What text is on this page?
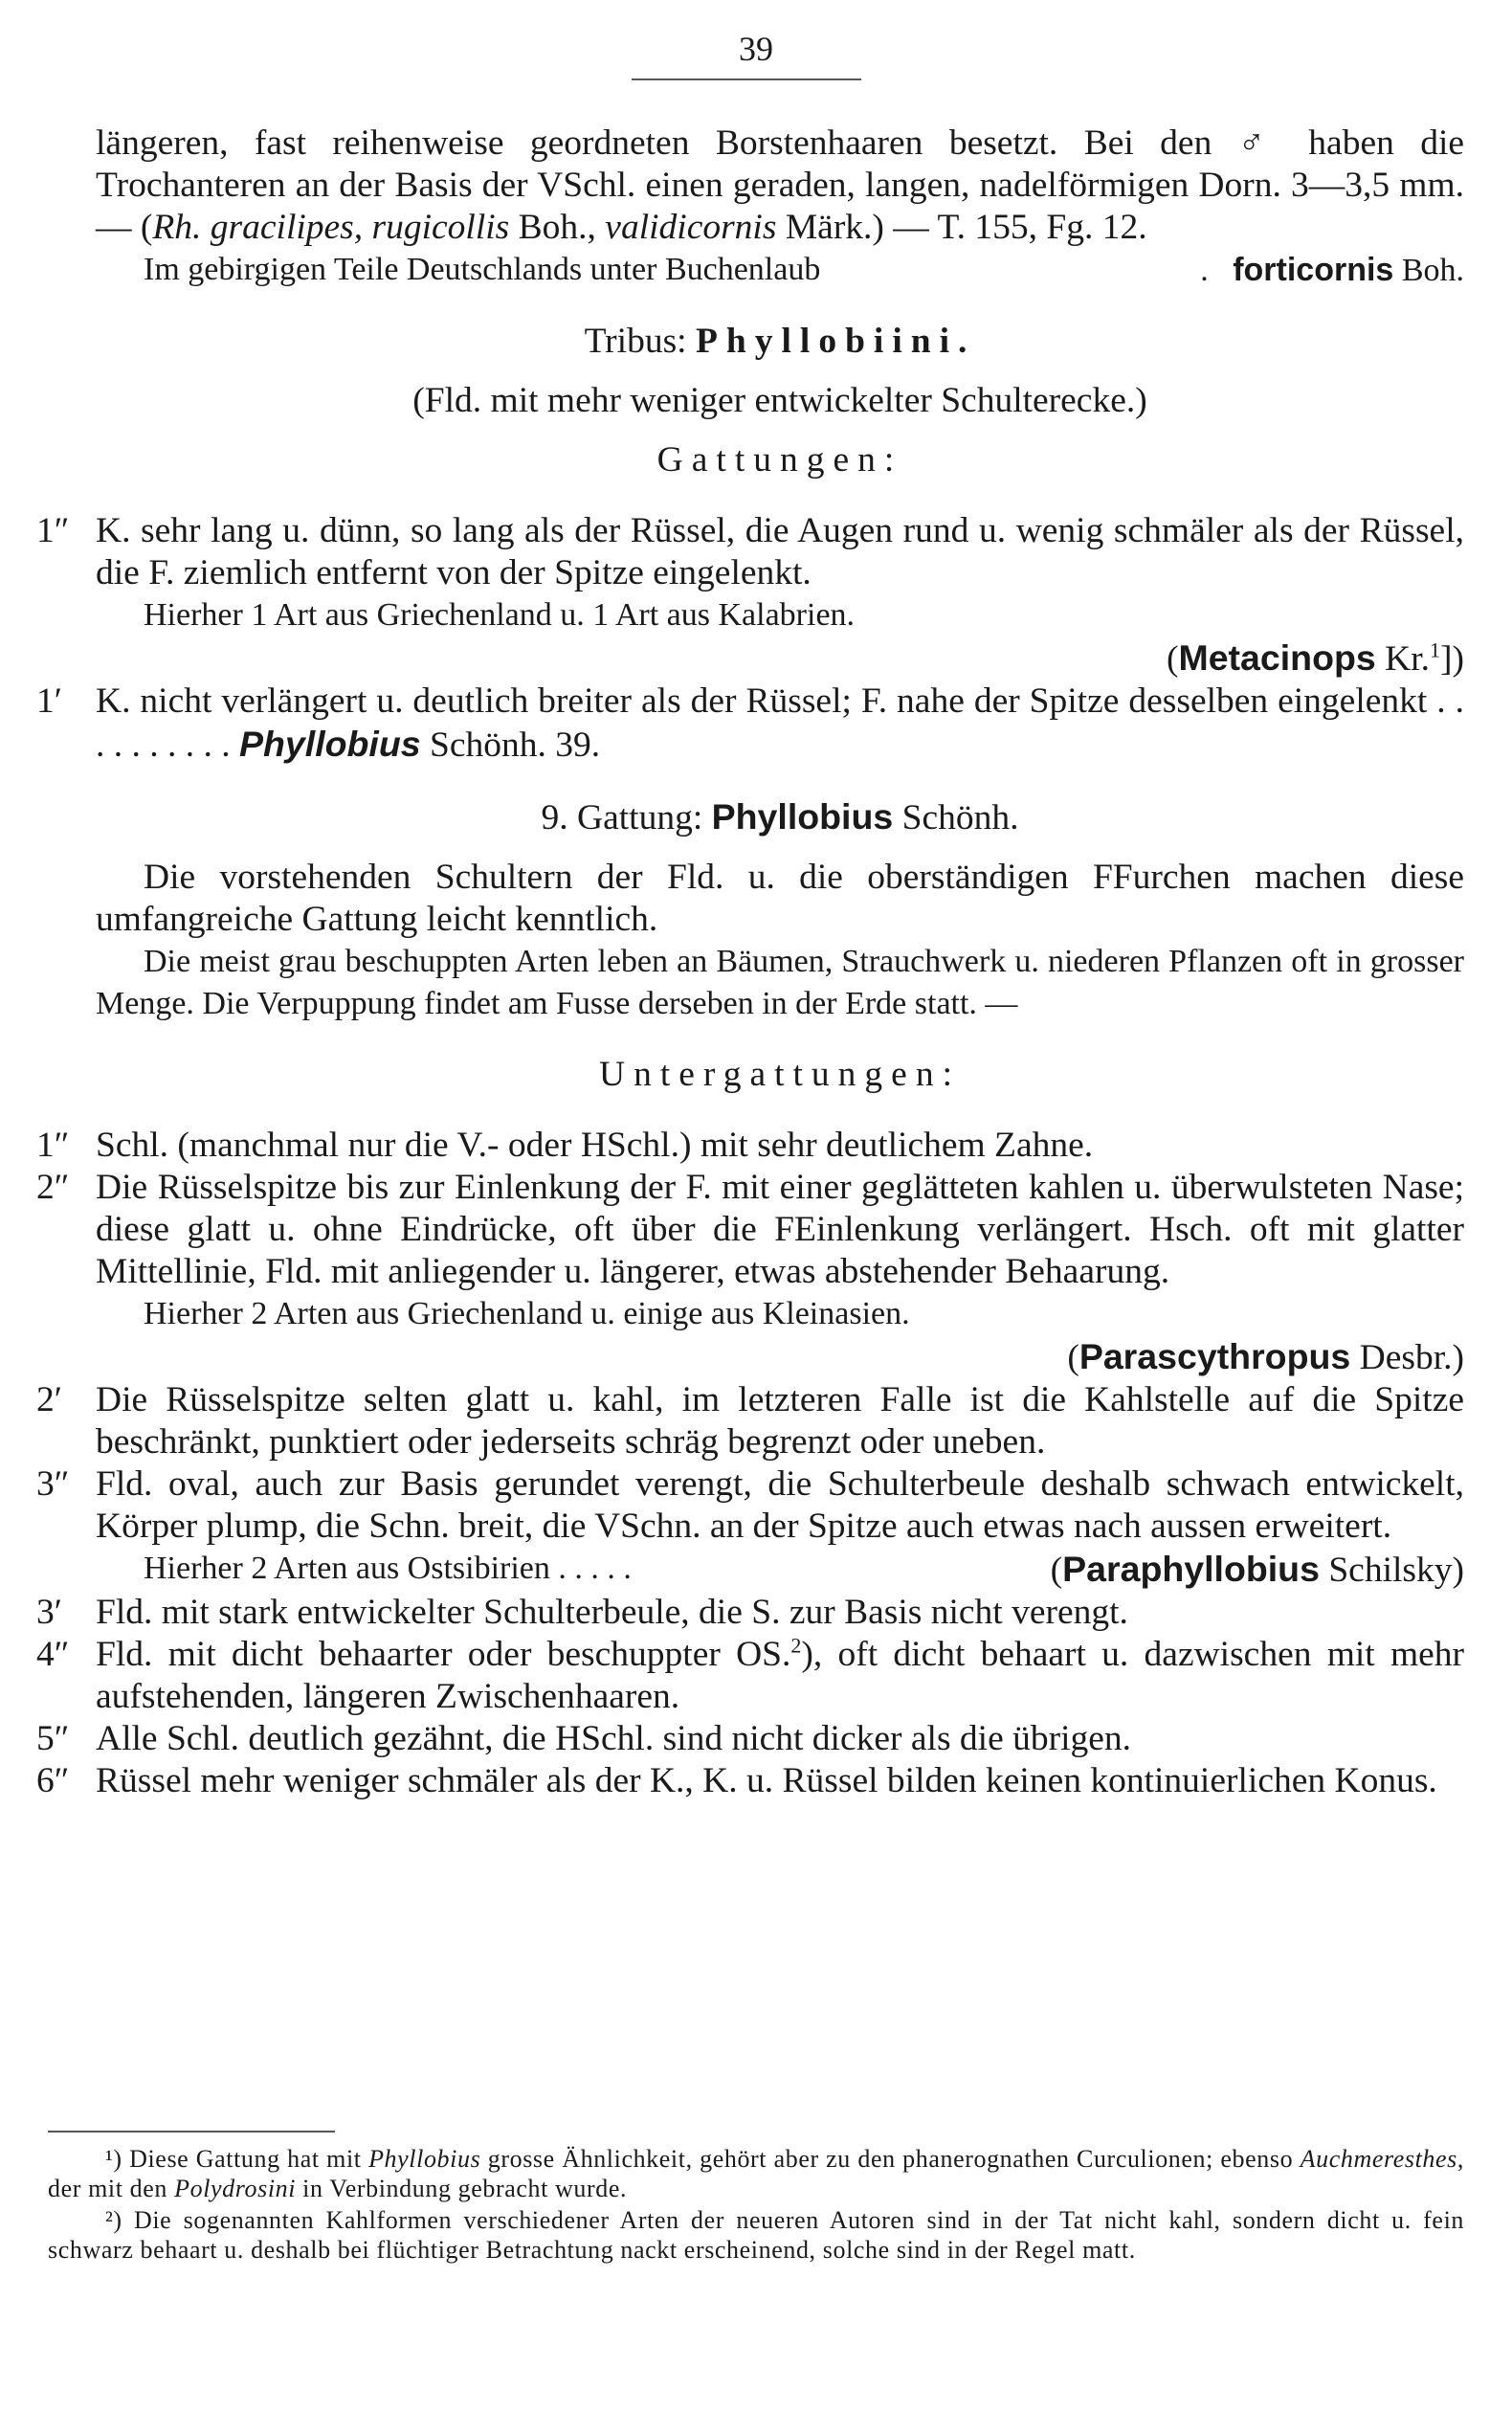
39

längeren, fast reihenweise geordneten Borstenhaaren besetzt. Bei den ♂ haben die Trochanteren an der Basis der VSchl. einen geraden, langen, nadelförmigen Dorn. 3—3,5 mm. — (Rh. gracilipes, rugicollis Boh., validicornis Märk.) — T. 155, Fg. 12.

Im gebirgigen Teile Deutschlands unter Buchenlaub	. forticornis Boh.

Tribus: Phyllobiini.

(Fld. mit mehr weniger entwickelter Schulterecke.)

Gattungen:

1″ K. sehr lang u. dünn, so lang als der Rüssel, die Augen rund u. wenig schmäler als der Rüssel, die F. ziemlich entfernt von der Spitze eingelenkt.

Hierher 1 Art aus Griechenland u. 1 Art aus Kalabrien.

(Metacinops Kr.$^1$])

1′ K. nicht verlängert u. deutlich breiter als der Rüssel; F. nahe der Spitze desselben eingelenkt . . . . . . . . . . Phyllobius Schönh. 39.

9. Gattung: Phyllobius Schönh.

Die vorstehenden Schultern der Fld. u. die oberständigen FFurchen machen diese umfangreiche Gattung leicht kenntlich.

Die meist grau beschuppten Arten leben an Bäumen, Strauchwerk u. niederen Pflanzen oft in grosser Menge. Die Verpuppung findet am Fusse derseben in der Erde statt. —

Untergattungen:

1″ Schl. (manchmal nur die V.- oder HSchl.) mit sehr deutlichem Zahne.
2″ Die Rüsselspitze bis zur Einlenkung der F. mit einer geglätteten kahlen u. überwulsteten Nase; diese glatt u. ohne Eindrücke, oft über die FEinlenkung verlängert. Hsch. oft mit glatter Mittellinie, Fld. mit anliegender u. längerer, etwas abstehender Behaarung.

Hierher 2 Arten aus Griechenland u. einige aus Kleinasien.

(Parascythropus Desbr.)

2′ Die Rüsselspitze selten glatt u. kahl, im letzteren Falle ist die Kahlstelle auf die Spitze beschränkt, punktiert oder jederseits schräg begrenzt oder uneben.
3″ Fld. oval, auch zur Basis gerundet verengt, die Schulterbeule deshalb schwach entwickelt, Körper plump, die Schn. breit, die VSchn. an der Spitze auch etwas nach aussen erweitert.

Hierher 2 Arten aus Ostsibirien . . . . .	(Paraphyllobius Schilsky)

3′ Fld. mit stark entwickelter Schulterbeule, die S. zur Basis nicht verengt.
4″ Fld. mit dicht behaarter oder beschuppter OS.$^2$), oft dicht behaart u. dazwischen mit mehr aufstehenden, längeren Zwischenhaaren.
5″ Alle Schl. deutlich gezähnt, die HSchl. sind nicht dicker als die übrigen.
6″ Rüssel mehr weniger schmäler als der K., K. u. Rüssel bilden keinen kontinuierlichen Konus.

¹) Diese Gattung hat mit Phyllobius grosse Ähnlichkeit, gehört aber zu den phanerognathen Curculionen; ebenso Auchmeresthes, der mit den Polydrosini in Verbindung gebracht wurde.

²) Die sogenannten Kahlformen verschiedener Arten der neueren Autoren sind in der Tat nicht kahl, sondern dicht u. fein schwarz behaart u. deshalb bei flüchtiger Betrachtung nackt erscheinend, solche sind in der Regel matt.
